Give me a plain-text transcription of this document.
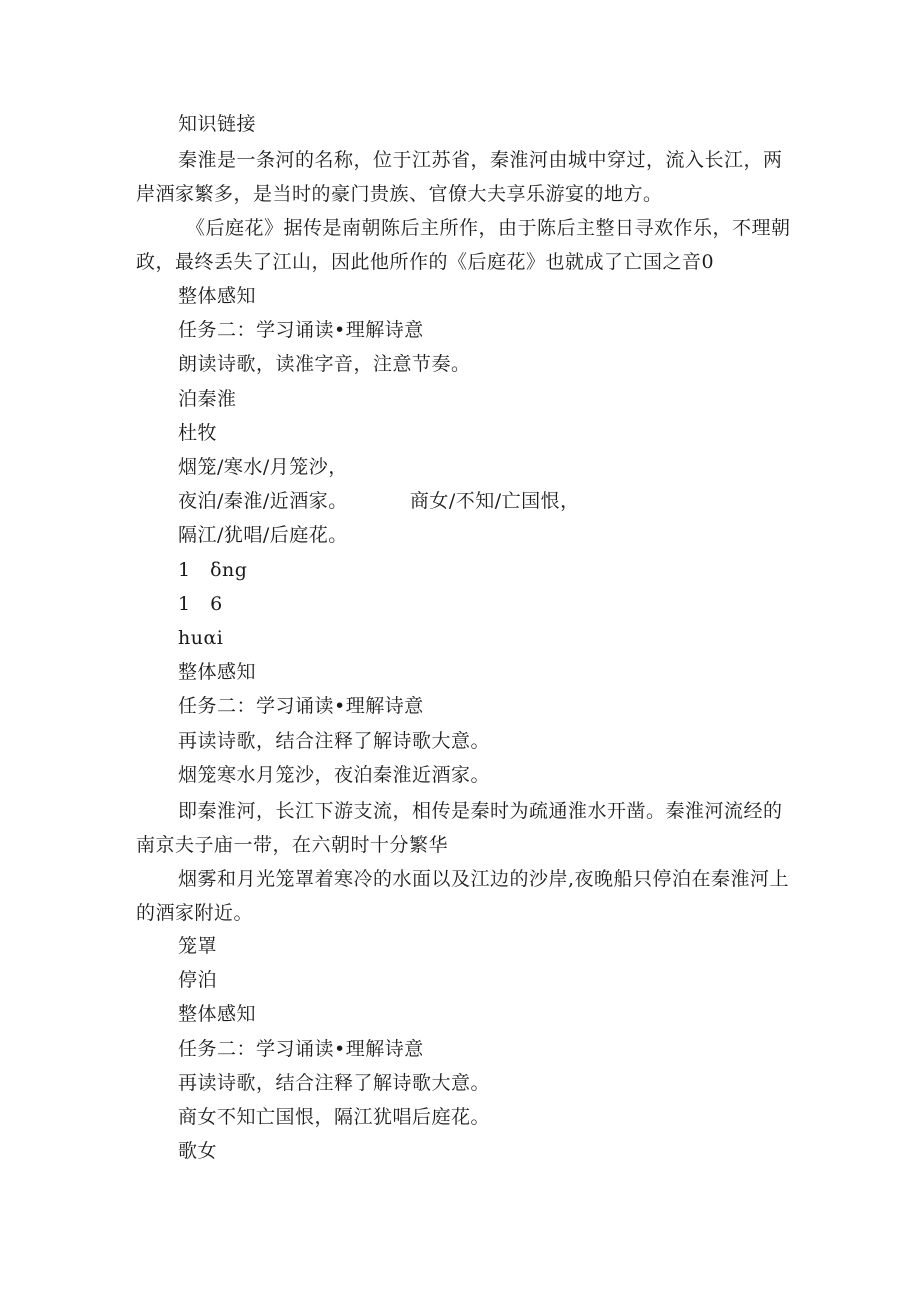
知识链接
秦淮是一条河的名称，位于江苏省，秦淮河由城中穿过，流入长江，两岸酒家繁多，是当时的豪门贵族、官僚大夫享乐游宴的地方。
《后庭花》据传是南朝陈后主所作，由于陈后主整日寻欢作乐，不理朝政，最终丢失了江山，因此他所作的《后庭花》也就成了亡国之音0
整体感知
任务二：学习诵读•理解诗意
朗读诗歌，读准字音，注意节奏。
泊秦淮
杜牧
烟笼/寒水/月笼沙，
夜泊/秦淮/近酒家。	商女/不知/亡国恨，
隔江/犹唱/后庭花。
1　δng
1　6
huαi
整体感知
任务二：学习诵读•理解诗意
再读诗歌，结合注释了解诗歌大意。
烟笼寒水月笼沙，夜泊秦淮近酒家。
即秦淮河，长江下游支流，相传是秦时为疏通淮水开凿。秦淮河流经的南京夫子庙一带，在六朝时十分繁华
烟雾和月光笼罩着寒冷的水面以及江边的沙岸,夜晚船只停泊在秦淮河上的酒家附近。
笼罩
停泊
整体感知
任务二：学习诵读•理解诗意
再读诗歌，结合注释了解诗歌大意。
商女不知亡国恨，隔江犹唱后庭花。
歌女
